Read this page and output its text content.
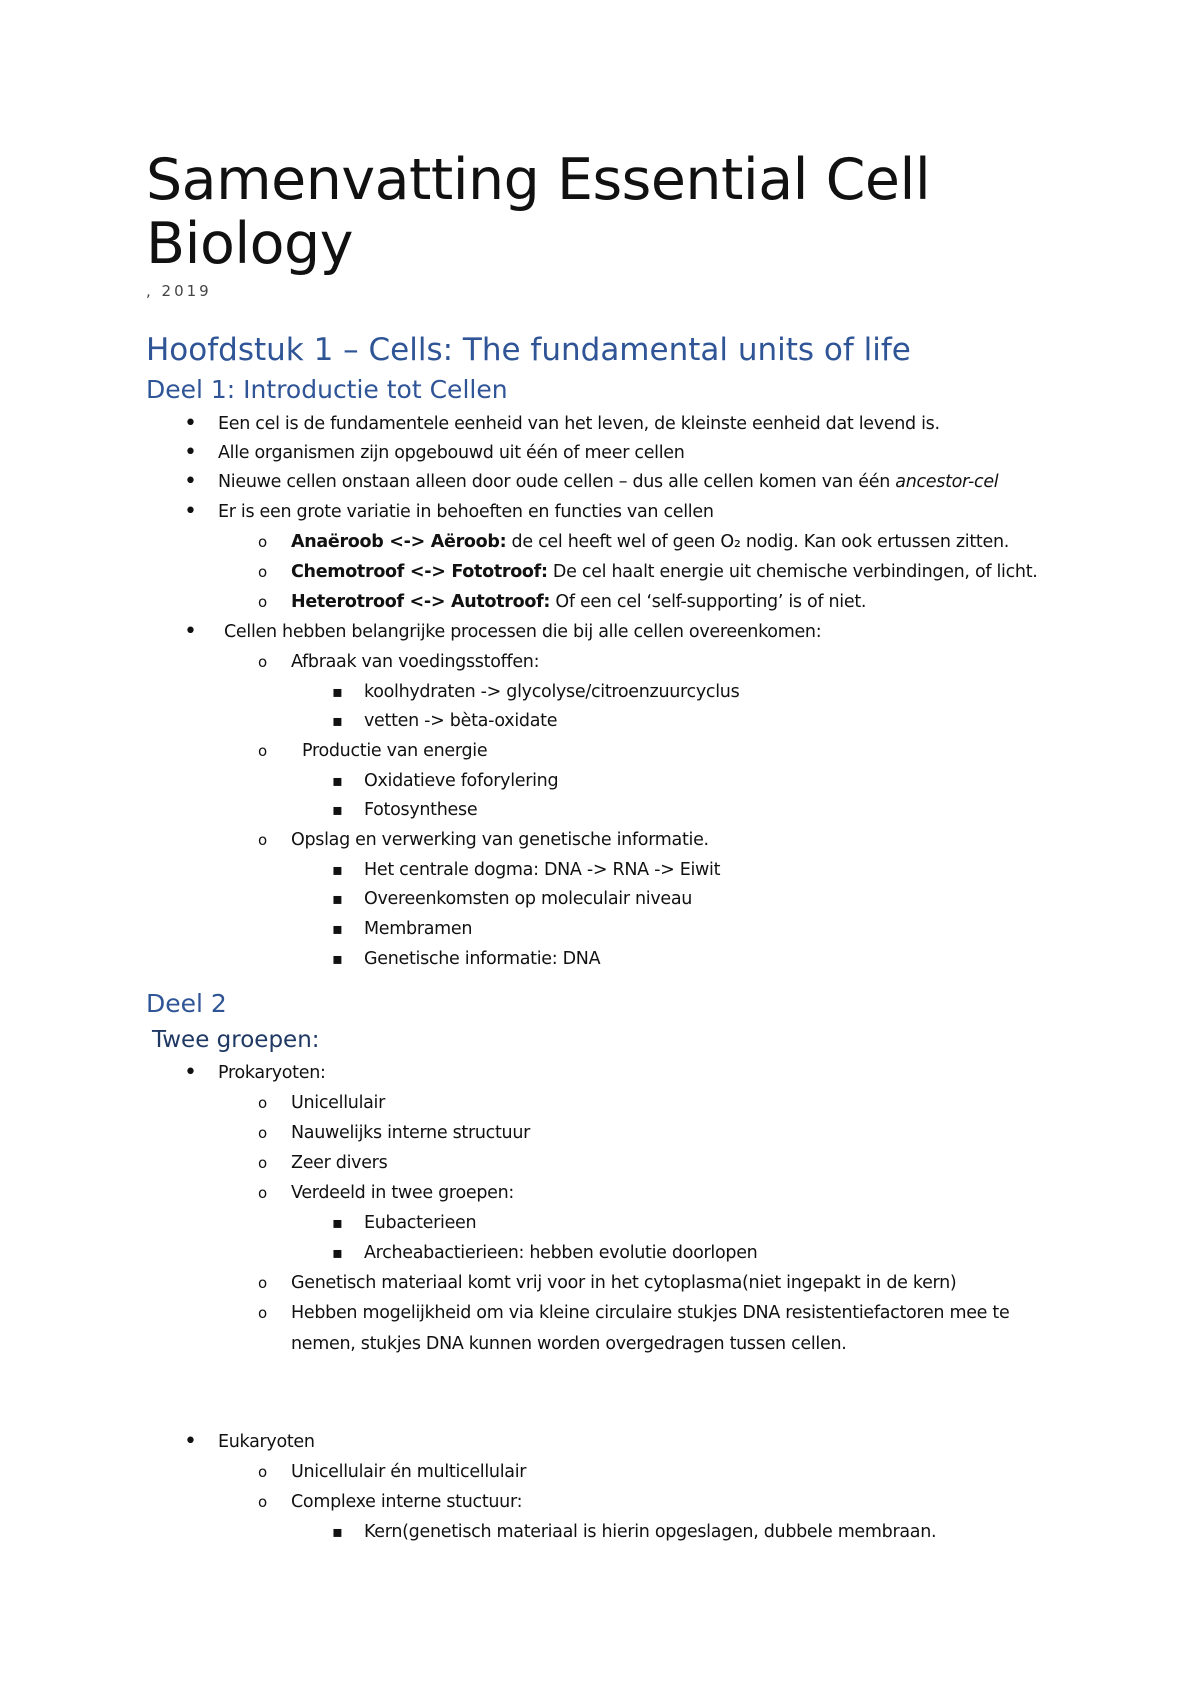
Samenvatting Essential Cell Biology

, 2019

Hoofdstuk 1 – Cells: The fundamental units of life
Deel 1: Introductie tot Cellen
•
Een cel is de fundamentele eenheid van het leven, de kleinste eenheid dat levend is.
•
Alle organismen zijn opgebouwd uit één of meer cellen
•
Nieuwe cellen onstaan alleen door oude cellen – dus alle cellen komen van één ancestor-cel
•
Er is een grote variatie in behoeften en functies van cellen
o Anaëroob <-> Aëroob: de cel heeft wel of geen O₂ nodig. Kan ook ertussen zitten.
o Chemotroof <-> Fototroof: De cel haalt energie uit chemische verbindingen, of licht.
o Heterotroof <-> Autotroof: Of een cel ‘self-supporting’ is of niet.
•
Cellen hebben belangrijke processen die bij alle cellen overeenkomen:
o Afbraak van voedingsstoffen:
▪
koolhydraten -> glycolyse/citroenzuurcyclus
▪
vetten -> bèta-oxidate
o Productie van energie
▪
Oxidatieve foforylering
▪
Fotosynthese
o Opslag en verwerking van genetische informatie.
▪
Het centrale dogma: DNA -> RNA -> Eiwit
▪
Overeenkomsten op moleculair niveau
▪
Membramen
▪
Genetische informatie: DNA
Deel 2
Twee groepen:
•
Prokaryoten:
o Unicellulair
o Nauwelijks interne structuur
o Zeer divers
o Verdeeld in twee groepen:
▪
Eubacterieen
▪
Archeabactierieen: hebben evolutie doorlopen
o Genetisch materiaal komt vrij voor in het cytoplasma(niet ingepakt in de kern)
o Hebben mogelijkheid om via kleine circulaire stukjes DNA resistentiefactoren mee te
nemen, stukjes DNA kunnen worden overgedragen tussen cellen.
•
Eukaryoten
o Unicellulair én multicellulair
o Complexe interne stuctuur:
▪
Kern(genetisch materiaal is hierin opgeslagen, dubbele membraan.
